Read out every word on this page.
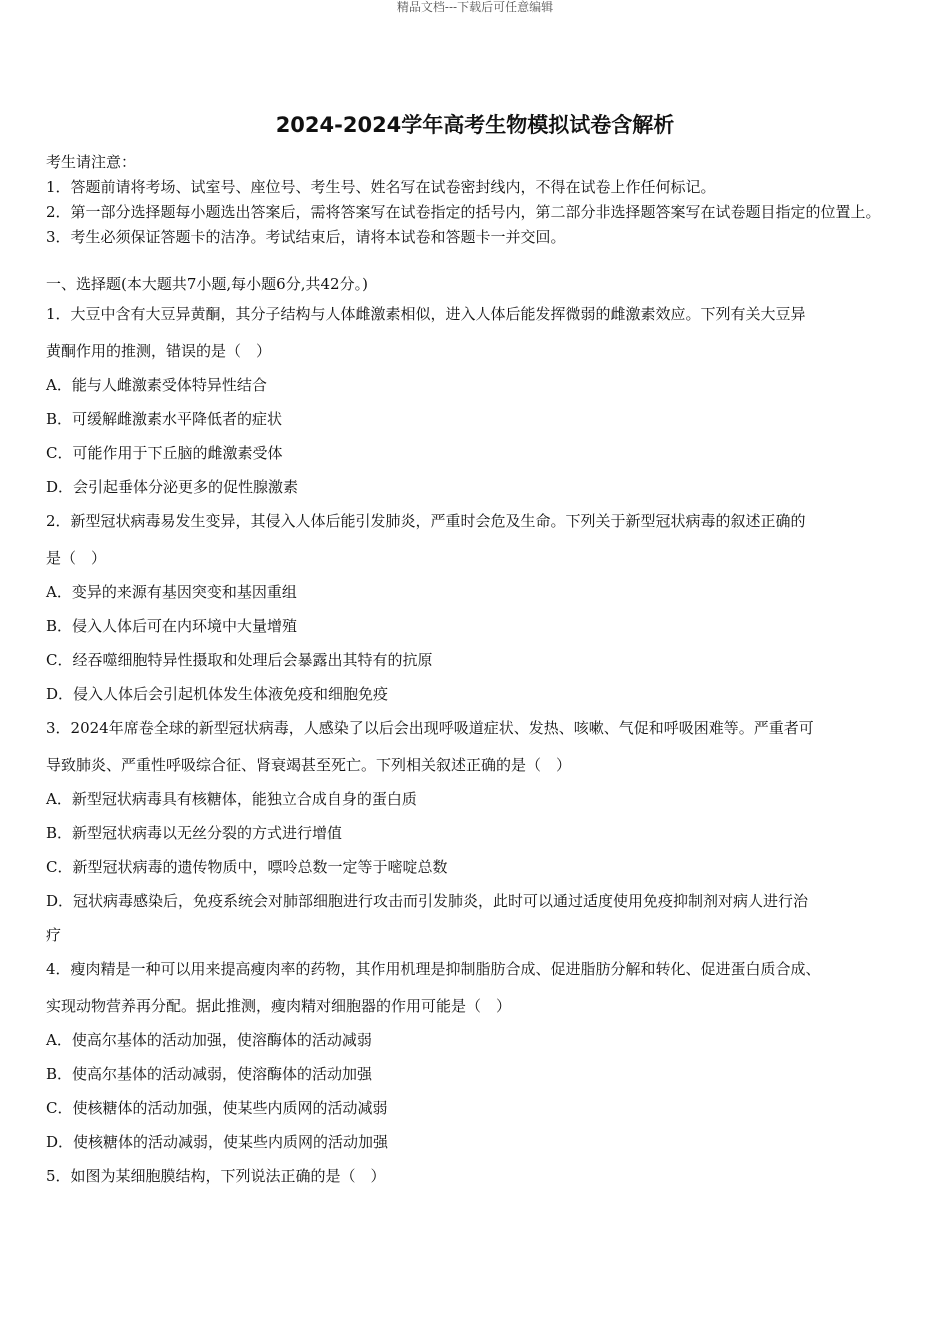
精品文档---下载后可任意编辑
2024-2024学年高考生物模拟试卷含解析
考生请注意：
1．答题前请将考场、试室号、座位号、考生号、姓名写在试卷密封线内，不得在试卷上作任何标记。
2．第一部分选择题每小题选出答案后，需将答案写在试卷指定的括号内，第二部分非选择题答案写在试卷题目指定的位置上。
3．考生必须保证答题卡的洁净。考试结束后，请将本试卷和答题卡一并交回。
一、选择题(本大题共7小题,每小题6分,共42分。)
1．大豆中含有大豆异黄酮，其分子结构与人体雌激素相似，进入人体后能发挥微弱的雌激素效应。下列有关大豆异
黄酮作用的推测，错误的是（　）
A．能与人雌激素受体特异性结合
B．可缓解雌激素水平降低者的症状
C．可能作用于下丘脑的雌激素受体
D．会引起垂体分泌更多的促性腺激素
2．新型冠状病毒易发生变异，其侵入人体后能引发肺炎，严重时会危及生命。下列关于新型冠状病毒的叙述正确的
是（　）
A．变异的来源有基因突变和基因重组
B．侵入人体后可在内环境中大量增殖
C．经吞噬细胞特异性摄取和处理后会暴露出其特有的抗原
D．侵入人体后会引起机体发生体液免疫和细胞免疫
3．2024年席卷全球的新型冠状病毒，人感染了以后会出现呼吸道症状、发热、咳嗽、气促和呼吸困难等。严重者可
导致肺炎、严重性呼吸综合征、肾衰竭甚至死亡。下列相关叙述正确的是（　）
A．新型冠状病毒具有核糖体，能独立合成自身的蛋白质
B．新型冠状病毒以无丝分裂的方式进行增值
C．新型冠状病毒的遗传物质中，嘌呤总数一定等于嘧啶总数
D．冠状病毒感染后，免疫系统会对肺部细胞进行攻击而引发肺炎，此时可以通过适度使用免疫抑制剂对病人进行治
疗
4．瘦肉精是一种可以用来提高瘦肉率的药物，其作用机理是抑制脂肪合成、促进脂肪分解和转化、促进蛋白质合成、
实现动物营养再分配。据此推测，瘦肉精对细胞器的作用可能是（　）
A．使高尔基体的活动加强，使溶酶体的活动减弱
B．使高尔基体的活动减弱，使溶酶体的活动加强
C．使核糖体的活动加强，使某些内质网的活动减弱
D．使核糖体的活动减弱，使某些内质网的活动加强
5．如图为某细胞膜结构，下列说法正确的是（　）
